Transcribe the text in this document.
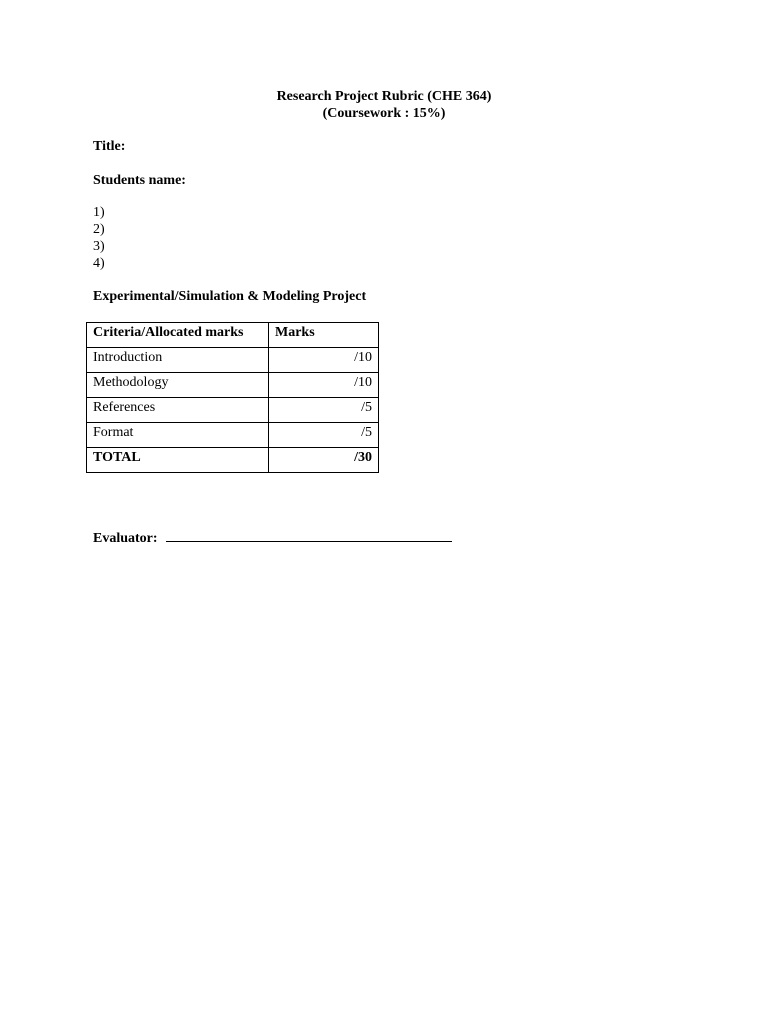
Research Project Rubric (CHE 364)
(Coursework : 15%)
Title:
Students name:
1)
2)
3)
4)
Experimental/Simulation & Modeling Project
Criteria/Allocated marks	Marks
Introduction	/10
Methodology	/10
References	/5
Format	/5
TOTAL	/30
Evaluator:
